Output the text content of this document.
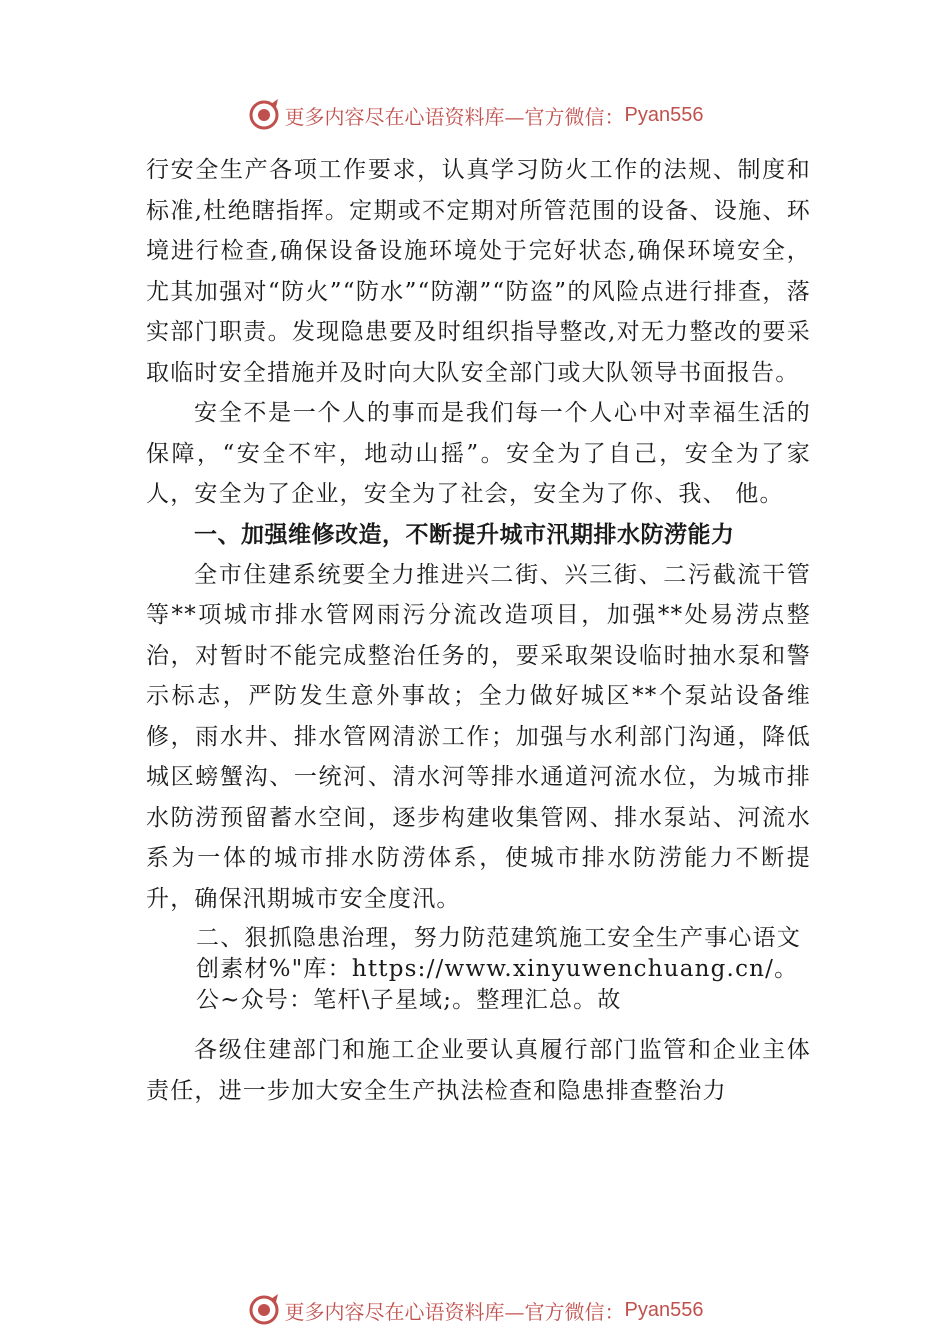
更多内容尽在心语资料库—官方微信： Pyan556

行安全生产各项工作要求，认真学习防火工作的法规、制度和标准,杜绝瞎指挥。定期或不定期对所管范围的设备、设施、环境进行检查,确保设备设施环境处于完好状态,确保环境安全，尤其加强对“防火”“防水”“防潮”“防盗”的风险点进行排查，落实部门职责。发现隐患要及时组织指导整改,对无力整改的要采取临时安全措施并及时向大队安全部门或大队领导书面报告。

安全不是一个人的事而是我们每一个人心中对幸福生活的保障，“安全不牢，地动山摇”。安全为了自己，安全为了家人，安全为了企业，安全为了社会，安全为了你、我、 他。

一、加强维修改造，不断提升城市汛期排水防涝能力

全市住建系统要全力推进兴二街、兴三街、二污截流干管等**项城市排水管网雨污分流改造项目，加强**处易涝点整治，对暂时不能完成整治任务的，要采取架设临时抽水泵和警示标志，严防发生意外事故；全力做好城区**个泵站设备维修，雨水井、排水管网清淤工作；加强与水利部门沟通，降低城区螃蟹沟、一统河、清水河等排水通道河流水位，为城市排水防涝预留蓄水空间，逐步构建收集管网、排水泵站、河流水系为一体的城市排水防涝体系，使城市排水防涝能力不断提升，确保汛期城市安全度汛。

二、狠抓隐患治理，努力防范建筑施工安全生产事心语文创素材%"库：https://www.xinyuwenchuang.cn/。公~众号：笔杆\子星域;。整理汇总。故

各级住建部门和施工企业要认真履行部门监管和企业主体责任，进一步加大安全生产执法检查和隐患排查整治力

更多内容尽在心语资料库—官方微信： Pyan556
